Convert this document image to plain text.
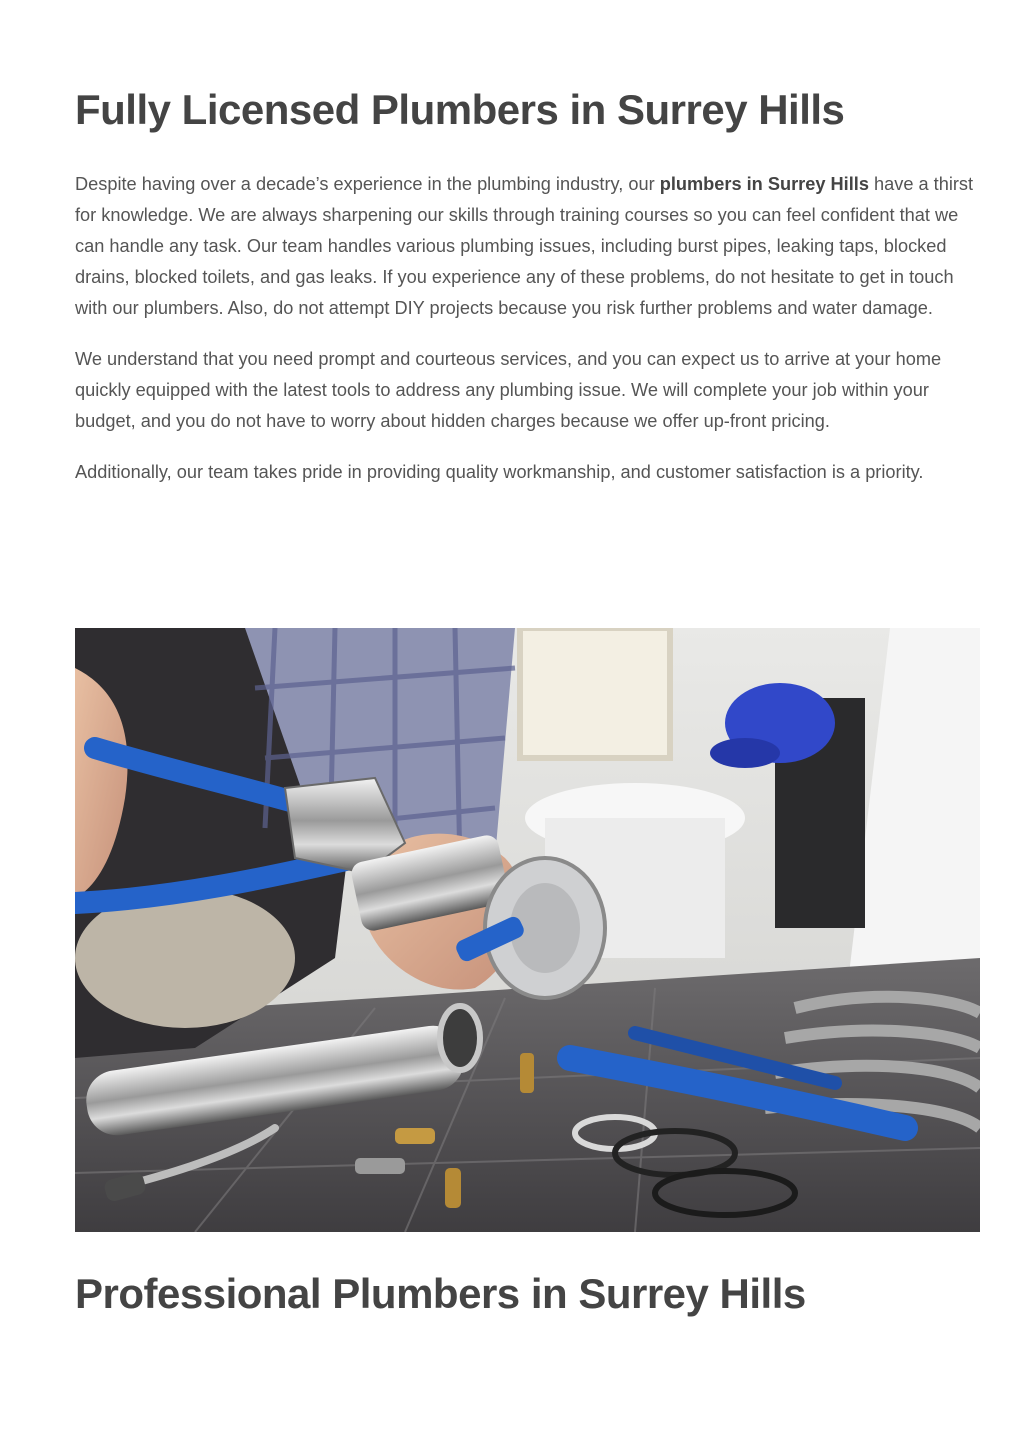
Fully Licensed Plumbers in Surrey Hills

Despite having over a decade’s experience in the plumbing industry, our plumbers in Surrey Hills have a thirst for knowledge. We are always sharpening our skills through training courses so you can feel confident that we can handle any task. Our team handles various plumbing issues, including burst pipes, leaking taps, blocked drains, blocked toilets, and gas leaks. If you experience any of these problems, do not hesitate to get in touch with our plumbers. Also, do not attempt DIY projects because you risk further problems and water damage.

We understand that you need prompt and courteous services, and you can expect us to arrive at your home quickly equipped with the latest tools to address any plumbing issue. We will complete your job within your budget, and you do not have to worry about hidden charges because we offer up-front pricing.

Additionally, our team takes pride in providing quality workmanship, and customer satisfaction is a priority.

Professional Plumbers in Surrey Hills
